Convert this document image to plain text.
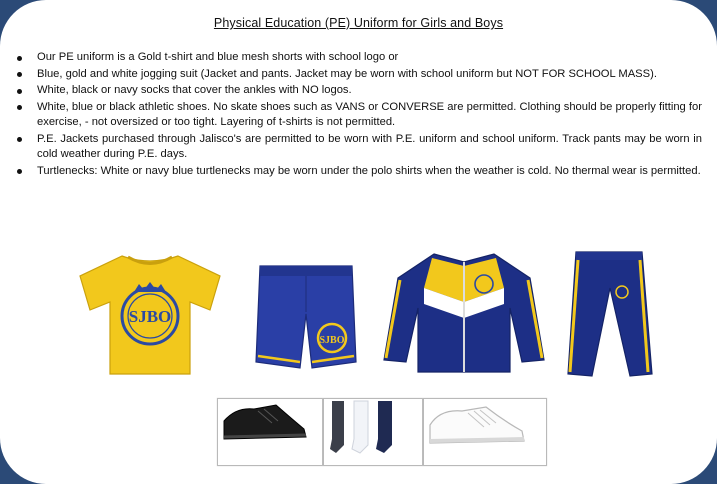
Physical Education (PE) Uniform for Girls and Boys
Our PE uniform is a Gold t-shirt and blue mesh shorts with school logo or
Blue, gold and white jogging suit (Jacket and pants. Jacket may be worn with school uniform but NOT FOR SCHOOL MASS).
White, black or navy socks that cover the ankles with NO logos.
White, blue or black athletic shoes. No skate shoes such as VANS or CONVERSE are permitted. Clothing should be properly fitting for exercise, - not oversized or too tight. Layering of t-shirts is not permitted.
P.E. Jackets purchased through Jalisco's are permitted to be worn with P.E. uniform and school uniform. Track pants may be worn in cold weather during P.E. days.
Turtlenecks: White or navy blue turtlenecks may be worn under the polo shirts when the weather is cold. No thermal wear is permitted.
SJBO
SJBO
